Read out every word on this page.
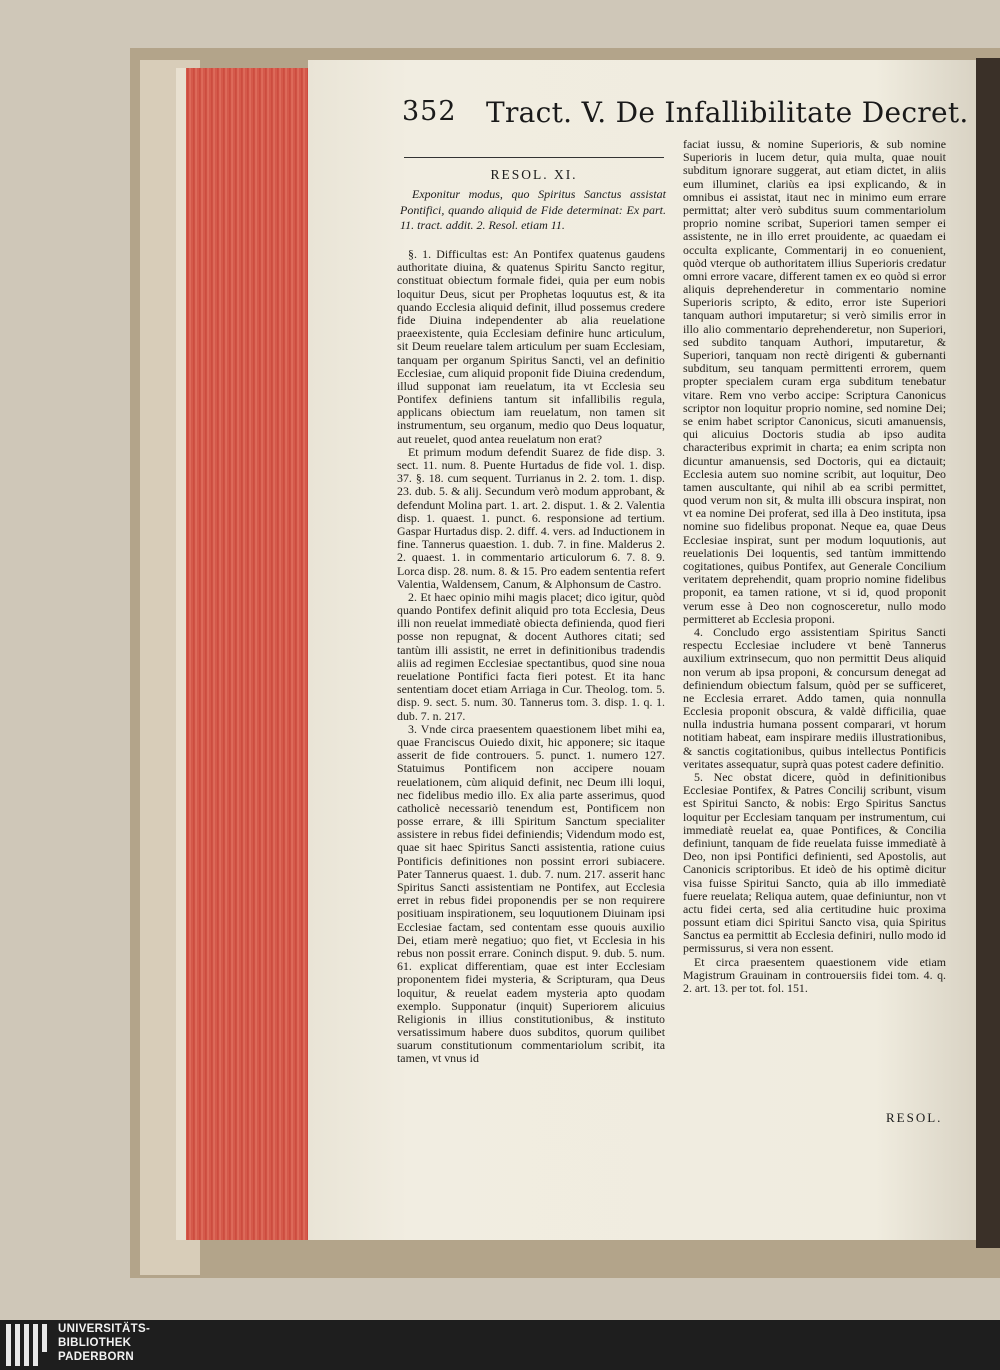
352 Tract. V. De Infallibilitate Decret.
RESOL. XI.
Exponitur modus, quo Spiritus Sanctus assistat Pontifici, quando aliquid de Fide determinat: Ex part. 11. tract. addit. 2. Resol. etiam 11.

§. 1. Difficultas est: An Pontifex quatenus gaudens authoritate diuina, & quatenus Spiritu Sancto regitur, constituat obiectum formale fidei, quia per eum nobis loquitur Deus, sicut per Prophetas loquutus est, & ita quando Ecclesia aliquid definit, illud possemus credere fide Diuina independenter ab alia reuelatione praeexistente, quia Ecclesiam definire hunc articulum, sit Deum reuelare talem articulum per suam Ecclesiam, tanquam per organum Spiritus Sancti, vel an definitio Ecclesiae, cum aliquid proponit fide Diuina credendum, illud supponat iam reuelatum, ita vt Ecclesia seu Pontifex definiens tantum sit infallibilis regula, applicans obiectum iam reuelatum, non tamen sit instrumentum, seu organum, medio quo Deus loquatur, aut reuelet, quod antea reuelatum non erat?

Et primum modum defendit Suarez de fide disp. 3. sect. 11. num. 8. Puente Hurtadus de fide vol. 1. disp. 37. §. 18. cum sequent. Turrianus in 2. 2. tom. 1. disp. 23. dub. 5. & alij. Secundum verò modum approbant, & defendunt Molina part. 1. art. 2. disput. 1. & 2. Valentia disp. 1. quaest. 1. punct. 6. responsione ad tertium. Gaspar Hurtadus disp. 2. diff. 4. vers. ad Inductionem in fine. Tannerus quaestion. 1. dub. 7. in fine. Malderus 2. 2. quaest. 1. in commentario articulorum 6. 7. 8. 9. Lorca disp. 28. num. 8. & 15. Pro eadem sententia refert Valentia, Waldensem, Canum, & Alphonsum de Castro.

2. Et haec opinio mihi magis placet; dico igitur, quòd quando Pontifex definit aliquid pro tota Ecclesia, Deus illi non reuelat immediatè obiecta definienda, quod fieri posse non repugnat, & docent Authores citati; sed tantùm illi assistit, ne erret in definitionibus tradendis aliis ad regimen Ecclesiae spectantibus, quod sine noua reuelatione Pontifici facta fieri potest. Et ita hanc sententiam docet etiam Arriaga in Cur. Theolog. tom. 5. disp. 9. sect. 5. num. 30. Tannerus tom. 3. disp. 1. q. 1. dub. 7. n. 217.

3. Vnde circa praesentem quaestionem libet mihi ea, quae Franciscus Ouiedo dixit, hic apponere; sic itaque asserit de fide controuers. 5. punct. 1. numero 127. Statuimus Pontificem non accipere nouam reuelationem, cùm aliquid definit, nec Deum illi loqui, nec fidelibus medio illo. Ex alia parte asserimus, quod catholicè necessariò tenendum est, Pontificem non posse errare, & illi Spiritum Sanctum specialiter assistere in rebus fidei definiendis; Videndum modo est, quae sit haec Spiritus Sancti assistentia, ratione cuius Pontificis definitiones non possint errori subiacere. Pater Tannerus quaest. 1. dub. 7. num. 217. asserit hanc Spiritus Sancti assistentiam ne Pontifex, aut Ecclesia erret in rebus fidei proponendis per se non requirere positiuam inspirationem, seu loquutionem Diuinam ipsi Ecclesiae factam, sed contentam esse quouis auxilio Dei, etiam merè negatiuo; quo fiet, vt Ecclesia in his rebus non possit errare. Coninch disput. 9. dub. 5. num. 61. explicat differentiam, quae est inter Ecclesiam proponentem fidei mysteria, & Scripturam, qua Deus loquitur, & reuelat eadem mysteria apto quodam exemplo. Supponatur (inquit) Superiorem alicuius Religionis in illius constitutionibus, & instituto versatissimum habere duos subditos, quorum quilibet suarum constitutionum commentariolum scribit, ita tamen, vt vnus id

faciat iussu, & nomine Superioris, & sub nomine Superioris in lucem detur, quia multa, quae nouit subditum ignorare suggerat, aut etiam dictet, in aliis eum illuminet, clariùs ea ipsi explicando, & in omnibus ei assistat, itaut nec in minimo eum errare permittat; alter verò subditus suum commentariolum proprio nomine scribat, Superiori tamen semper ei assistente, ne in illo erret prouidente, ac quaedam ei occulta explicante, Commentarij in eo conuenient, quòd vterque ob authoritatem illius Superioris credatur omni errore vacare, different tamen ex eo quòd si error aliquis deprehenderetur in commentario nomine Superioris scripto, & edito, error iste Superiori tanquam authori imputaretur; si verò similis error in illo alio commentario deprehenderetur, non Superiori, sed subdito tanquam Authori, imputaretur, & Superiori, tanquam non rectè dirigenti & gubernanti subditum, seu tanquam permittenti errorem, quem propter specialem curam erga subditum tenebatur vitare. Rem vno verbo accipe: Scriptura Canonicus scriptor non loquitur proprio nomine, sed nomine Dei; se enim habet scriptor Canonicus, sicuti amanuensis, qui alicuius Doctoris studia ab ipso audita characteribus exprimit in charta; ea enim scripta non dicuntur amanuensis, sed Doctoris, qui ea dictauit; Ecclesia autem suo nomine scribit, aut loquitur, Deo tamen auscultante, qui nihil ab ea scribi permittet, quod verum non sit, & multa illi obscura inspirat, non vt ea nomine Dei proferat, sed illa à Deo instituta, ipsa nomine suo fidelibus proponat. Neque ea, quae Deus Ecclesiae inspirat, sunt per modum loquutionis, aut reuelationis Dei loquentis, sed tantùm immittendo cogitationes, quibus Pontifex, aut Generale Concilium veritatem deprehendit, quam proprio nomine fidelibus proponit, ea tamen ratione, vt si id, quod proponit verum esse à Deo non cognosceretur, nullo modo permitteret ab Ecclesia proponi.

4. Concludo ergo assistentiam Spiritus Sancti respectu Ecclesiae includere vt benè Tannerus auxilium extrinsecum, quo non permittit Deus aliquid non verum ab ipsa proponi, & concursum denegat ad definiendum obiectum falsum, quòd per se sufficeret, ne Ecclesia erraret. Addo tamen, quia nonnulla Ecclesia proponit obscura, & valdè difficilia, quae nulla industria humana possent comparari, vt horum notitiam habeat, eam inspirare mediis illustrationibus, & sanctis cogitationibus, quibus intellectus Pontificis veritates assequatur, suprà quas potest cadere definitio.

5. Nec obstat dicere, quòd in definitionibus Ecclesiae Pontifex, & Patres Concilij scribunt, visum est Spiritui Sancto, & nobis: Ergo Spiritus Sanctus loquitur per Ecclesiam tanquam per instrumentum, cui immediatè reuelat ea, quae Pontifices, & Concilia definiunt, tanquam de fide reuelata fuisse immediatè à Deo, non ipsi Pontifici definienti, sed Apostolis, aut Canonicis scriptoribus. Et ideò de his optimè dicitur visa fuisse Spiritui Sancto, quia ab illo immediatè fuere reuelata; Reliqua autem, quae definiuntur, non vt actu fidei certa, sed alia certitudine huic proxima possunt etiam dici Spiritui Sancto visa, quia Spiritus Sanctus ea permittit ab Ecclesia definiri, nullo modo id permissurus, si vera non essent.

Et circa praesentem quaestionem vide etiam Magistrum Grauinam in controuersiis fidei tom. 4. q. 2. art. 13. per tot. fol. 151.

RESOL.
UNIVERSITÄTS-
BIBLIOTHEK
PADERBORN
